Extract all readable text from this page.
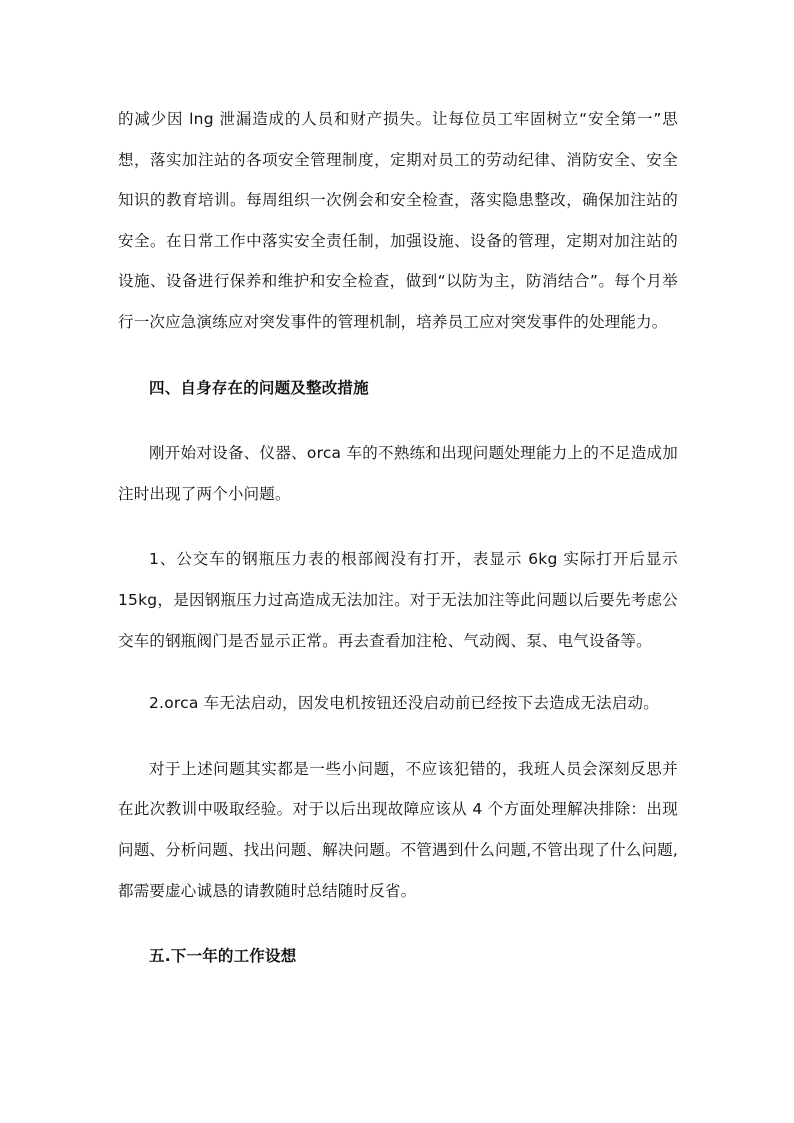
的减少因 lng 泄漏造成的人员和财产损失。让每位员工牢固树立“安全第一”思想，落实加注站的各项安全管理制度，定期对员工的劳动纪律、消防安全、安全知识的教育培训。每周组织一次例会和安全检查，落实隐患整改，确保加注站的安全。在日常工作中落实安全责任制，加强设施、设备的管理，定期对加注站的设施、设备进行保养和维护和安全检查，做到“以防为主，防消结合”。每个月举行一次应急演练应对突发事件的管理机制，培养员工应对突发事件的处理能力。

四、自身存在的问题及整改措施

刚开始对设备、仪器、orca 车的不熟练和出现问题处理能力上的不足造成加注时出现了两个小问题。

1、公交车的钢瓶压力表的根部阀没有打开，表显示 6kg 实际打开后显示 15kg，是因钢瓶压力过高造成无法加注。对于无法加注等此问题以后要先考虑公交车的钢瓶阀门是否显示正常。再去查看加注枪、气动阀、泵、电气设备等。

2.orca 车无法启动，因发电机按钮还没启动前已经按下去造成无法启动。

对于上述问题其实都是一些小问题，不应该犯错的，我班人员会深刻反思并在此次教训中吸取经验。对于以后出现故障应该从 4 个方面处理解决排除：出现问题、分析问题、找出问题、解决问题。不管遇到什么问题,不管出现了什么问题,都需要虚心诚恳的请教随时总结随时反省。

五.下一年的工作设想
